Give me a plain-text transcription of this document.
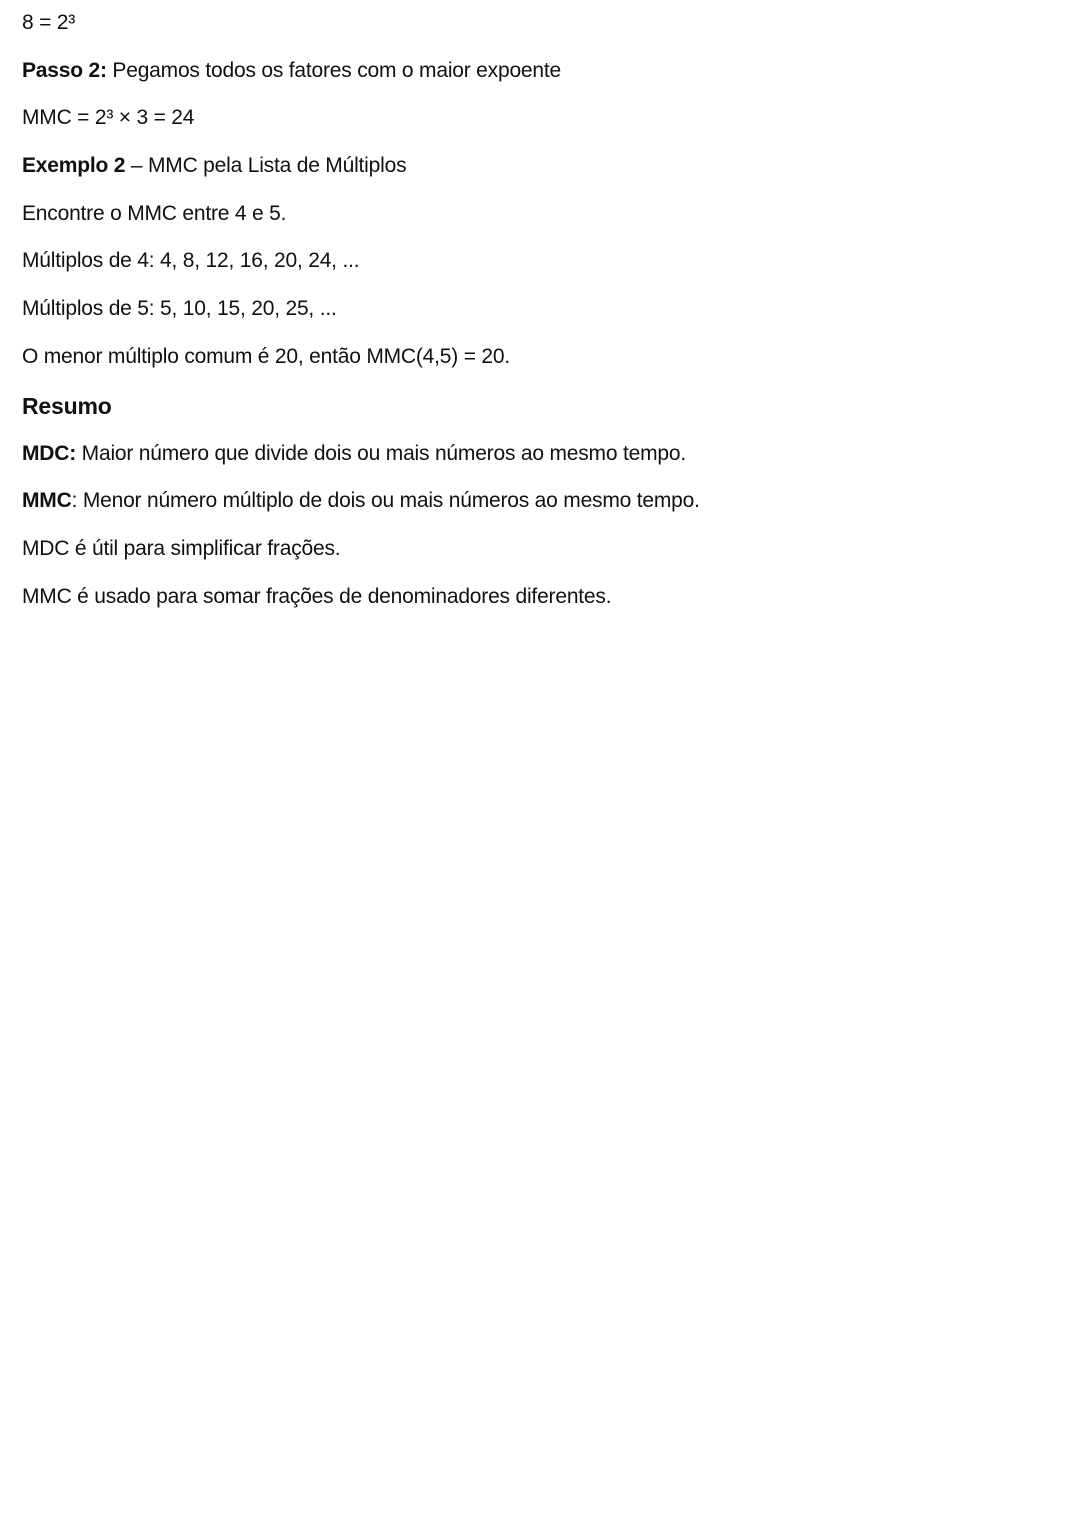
8 = 2³

Passo 2: Pegamos todos os fatores com o maior expoente

MMC = 2³ × 3 = 24

Exemplo 2 – MMC pela Lista de Múltiplos

Encontre o MMC entre 4 e 5.

Múltiplos de 4: 4, 8, 12, 16, 20, 24, ...

Múltiplos de 5: 5, 10, 15, 20, 25, ...

O menor múltiplo comum é 20, então MMC(4,5) = 20.

Resumo

MDC: Maior número que divide dois ou mais números ao mesmo tempo.

MMC: Menor número múltiplo de dois ou mais números ao mesmo tempo.

MDC é útil para simplificar frações.

MMC é usado para somar frações de denominadores diferentes.
